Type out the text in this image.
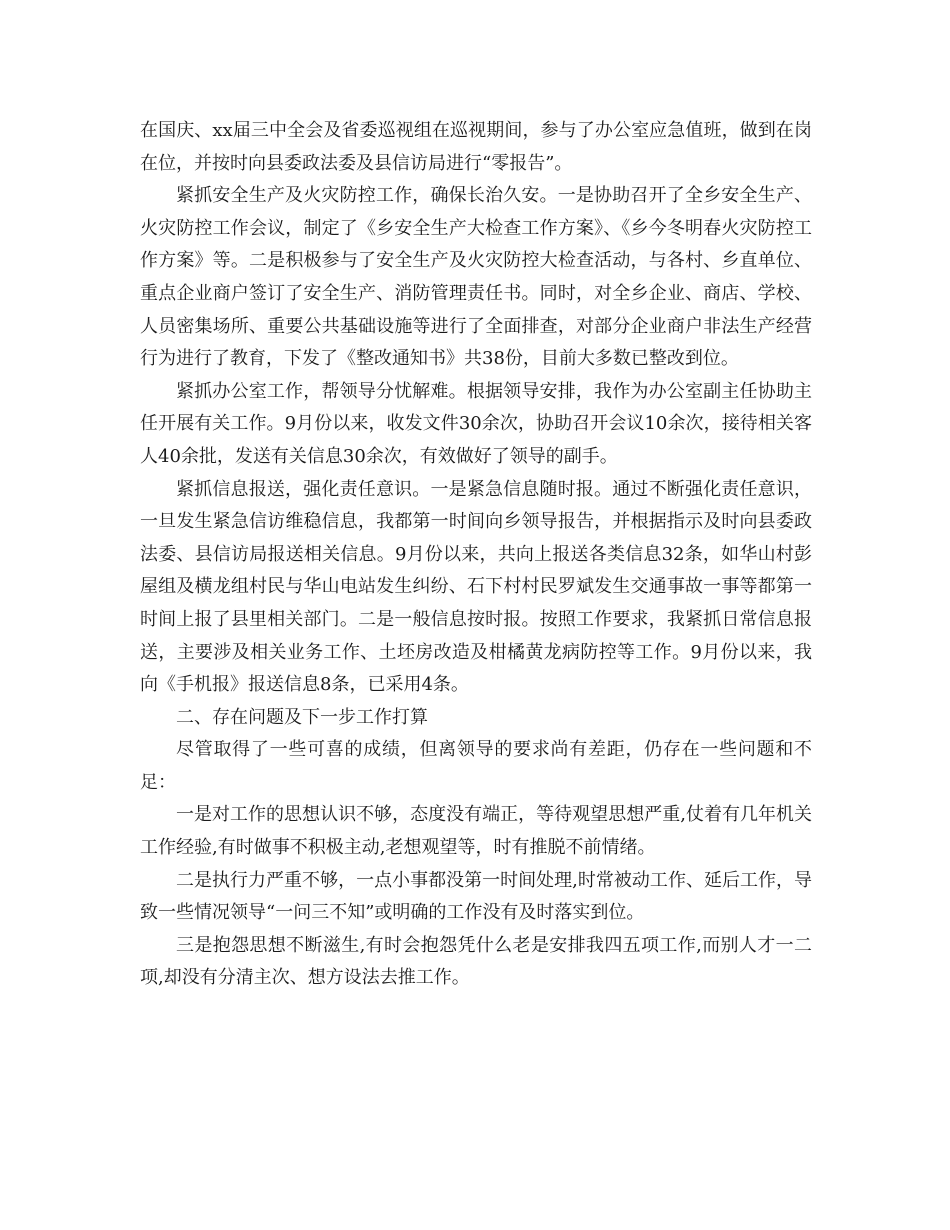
在国庆、xx届三中全会及省委巡视组在巡视期间，参与了办公室应急值班，做到在岗在位，并按时向县委政法委及县信访局进行“零报告”。

紧抓安全生产及火灾防控工作，确保长治久安。一是协助召开了全乡安全生产、火灾防控工作会议，制定了《乡安全生产大检查工作方案》、《乡今冬明春火灾防控工作方案》等。二是积极参与了安全生产及火灾防控大检查活动，与各村、乡直单位、重点企业商户签订了安全生产、消防管理责任书。同时，对全乡企业、商店、学校、人员密集场所、重要公共基础设施等进行了全面排查，对部分企业商户非法生产经营行为进行了教育，下发了《整改通知书》共38份，目前大多数已整改到位。

紧抓办公室工作，帮领导分忧解难。根据领导安排，我作为办公室副主任协助主任开展有关工作。9月份以来，收发文件30余次，协助召开会议10余次，接待相关客人40余批，发送有关信息30余次，有效做好了领导的副手。

紧抓信息报送，强化责任意识。一是紧急信息随时报。通过不断强化责任意识，一旦发生紧急信访维稳信息，我都第一时间向乡领导报告，并根据指示及时向县委政法委、县信访局报送相关信息。9月份以来，共向上报送各类信息32条，如华山村彭屋组及横龙组村民与华山电站发生纠纷、石下村村民罗斌发生交通事故一事等都第一时间上报了县里相关部门。二是一般信息按时报。按照工作要求，我紧抓日常信息报送，主要涉及相关业务工作、土坯房改造及柑橘黄龙病防控等工作。9月份以来，我向《手机报》报送信息8条，已采用4条。

二、存在问题及下一步工作打算

尽管取得了一些可喜的成绩，但离领导的要求尚有差距，仍存在一些问题和不足：

一是对工作的思想认识不够，态度没有端正，等待观望思想严重,仗着有几年机关工作经验,有时做事不积极主动,老想观望等，时有推脱不前情绪。

二是执行力严重不够，一点小事都没第一时间处理,时常被动工作、延后工作，导致一些情况领导“一问三不知”或明确的工作没有及时落实到位。

三是抱怨思想不断滋生,有时会抱怨凭什么老是安排我四五项工作,而别人才一二项,却没有分清主次、想方设法去推工作。
